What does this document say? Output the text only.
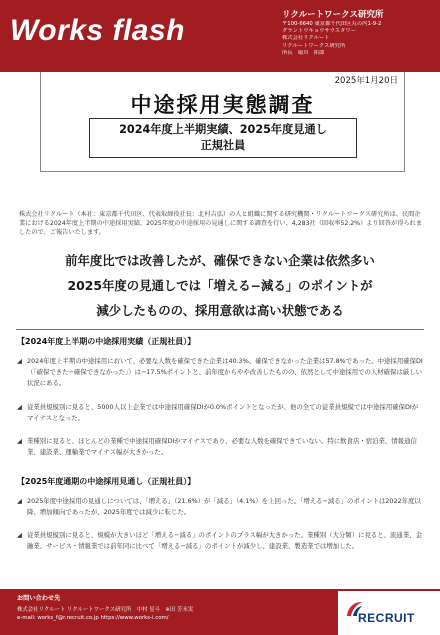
Works flash	リクルートワークス研究所
〒100-6640 東京都千代田区丸の内1-9-2
グラントウキョウサウスタワー
株式会社リクルート
リクルートワークス研究所
所長　堀川　拓郎
2025年1月20日
中途採用実態調査
2024年度上半期実績、2025年度見通し
正規社員
株式会社リクルート（本社：東京都千代田区、代表取締役社長：北村吉弘）の人と組織に関する研究機関・リクルートワークス研究所は、民間企業における2024年度上半期の中途採用実績、2025年度の中途採用の見通しに関する調査を行い、4,283社（回収率52.2%）より回答が得られましたので、ご報告いたします。
前年度比では改善したが、確保できない企業は依然多い
2025年度の見通しでは「増える−減る」のポイントが
減少したものの、採用意欲は高い状態である
【2024年度上半期の中途採用実績（正規社員）】
◢ 2024年度上半期の中途採用において、必要な人数を確保できた企業は40.3%、確保できなかった企業は57.8%であった。中途採用確保DI（「確保できた−確保できなかった」）は−17.5%ポイントと、前年度からやや改善したものの、依然として中途採用での人材確保は厳しい状況にある。
◢ 従業員規模別に見ると、5000人以上企業では中途採用確保DIが0.0%ポイントとなったが、他の全ての従業員規模では中途採用確保DIがマイナスとなった。
◢ 業種別に見ると、ほとんどの業種で中途採用確保DIがマイナスであり、必要な人数を確保できていない。特に飲食店・宿泊業、情報通信業、建設業、運輸業でマイナス幅が大きかった。
【2025年度通期の中途採用見通し（正規社員）】
◢ 2025年度中途採用の見通しについては、「増える」（21.6%）が「減る」（4.1%）を上回った。「増える−減る」のポイントは2022年度以降、増加傾向であったが、2025年度では減少に転じた。
◢ 従業員規模別に見ると、規模が大きいほど「増える−減る」のポイントのプラス幅が大きかった。業種別（大分類）に見ると、流通業、金融業、サービス・情報業では前年同に比べて「増える−減る」のポイントが減少し、建設業、製造業では増加した。
お問い合わせ先
株式会社リクルート リクルートワークス研究所　中村 星斗　※田 芳未実
e-mail: works_f@r.recruit.co.jp https://www.works-i.com/	RECRUIT
